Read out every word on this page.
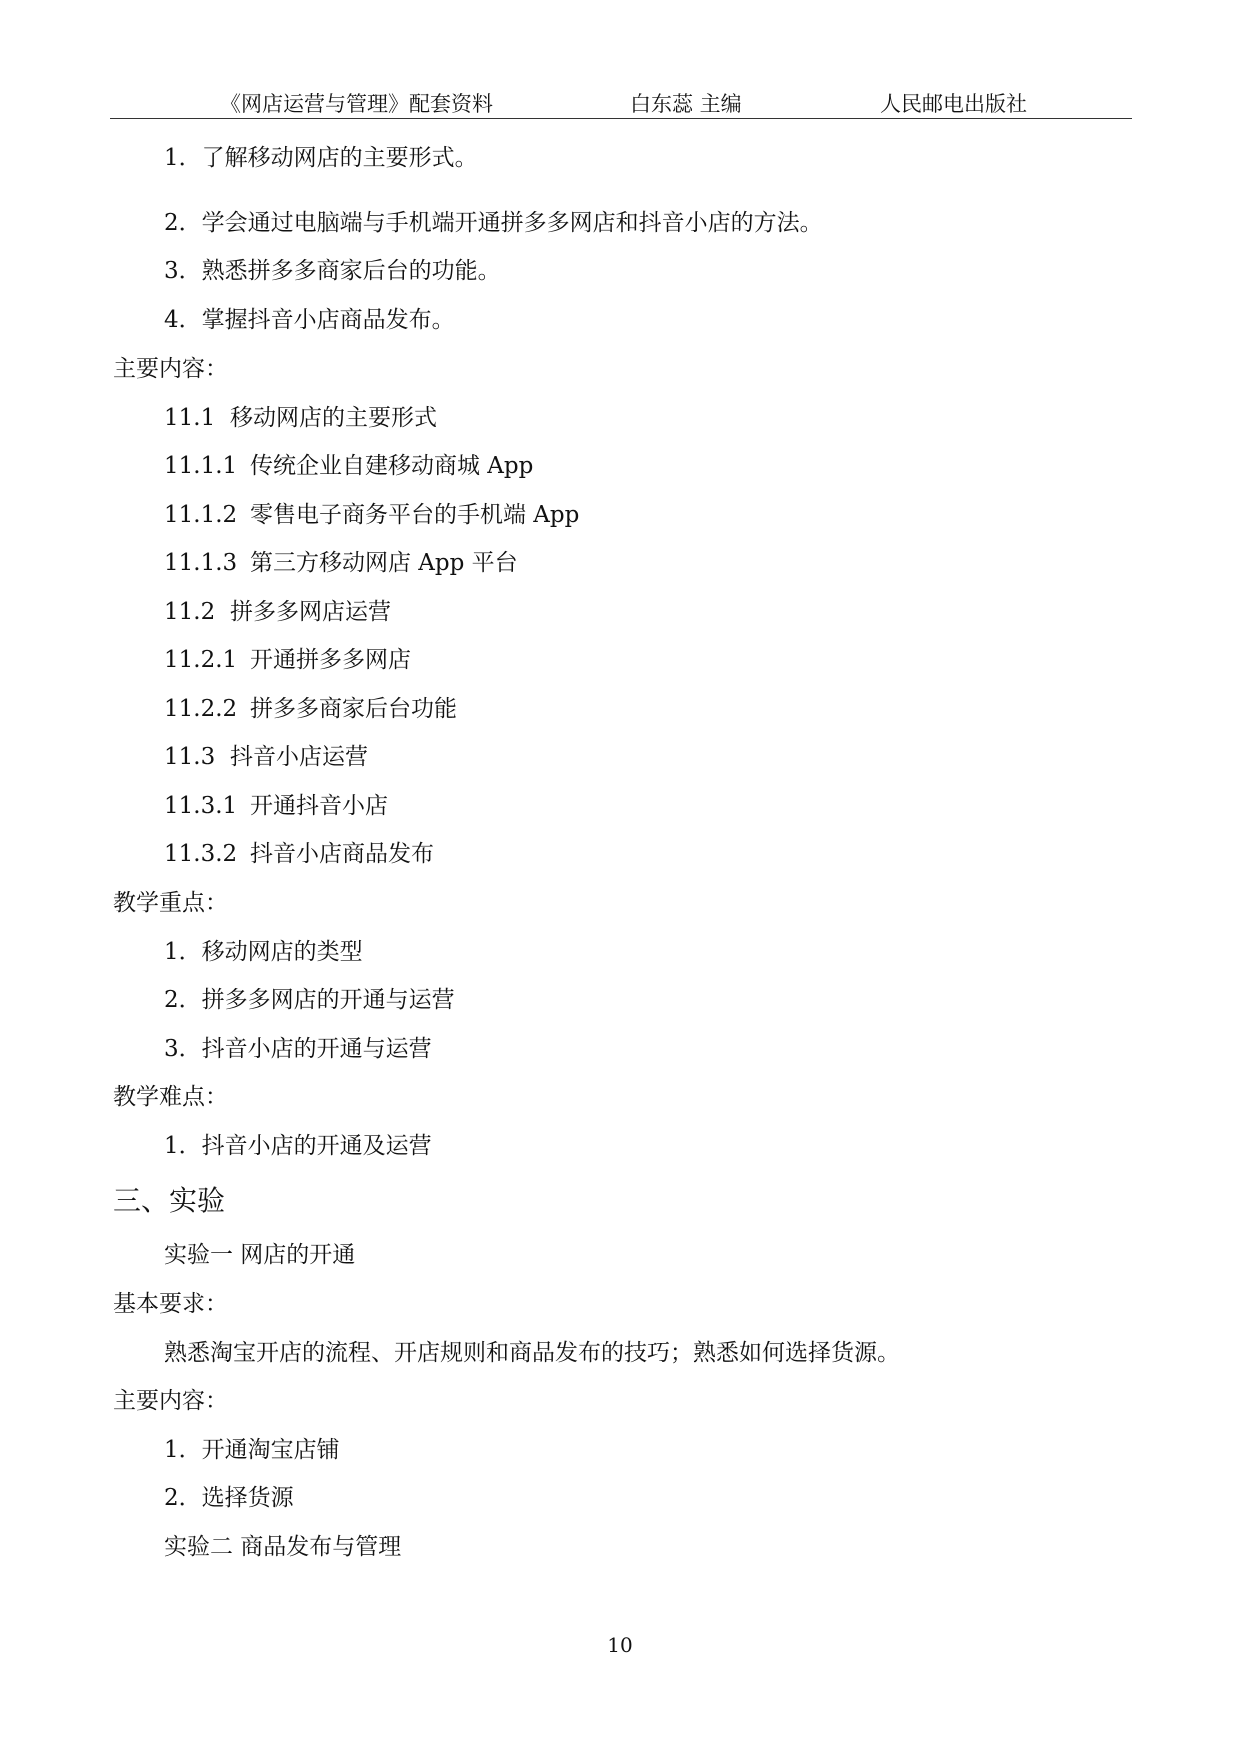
《网店运营与管理》配套资料	白东蕊 主编	人民邮电出版社
1．了解移动网店的主要形式。
2．学会通过电脑端与手机端开通拼多多网店和抖音小店的方法。
3．熟悉拼多多商家后台的功能。
4．掌握抖音小店商品发布。
主要内容：
11.1 移动网店的主要形式
11.1.1 传统企业自建移动商城 App
11.1.2 零售电子商务平台的手机端 App
11.1.3 第三方移动网店 App 平台
11.2 拼多多网店运营
11.2.1 开通拼多多网店
11.2.2 拼多多商家后台功能
11.3 抖音小店运营
11.3.1 开通抖音小店
11.3.2 抖音小店商品发布
教学重点：
1．移动网店的类型
2．拼多多网店的开通与运营
3．抖音小店的开通与运营
教学难点：
1．抖音小店的开通及运营
三、实验
实验一 网店的开通
基本要求：
熟悉淘宝开店的流程、开店规则和商品发布的技巧；熟悉如何选择货源。
主要内容：
1．开通淘宝店铺
2．选择货源
实验二 商品发布与管理
10
